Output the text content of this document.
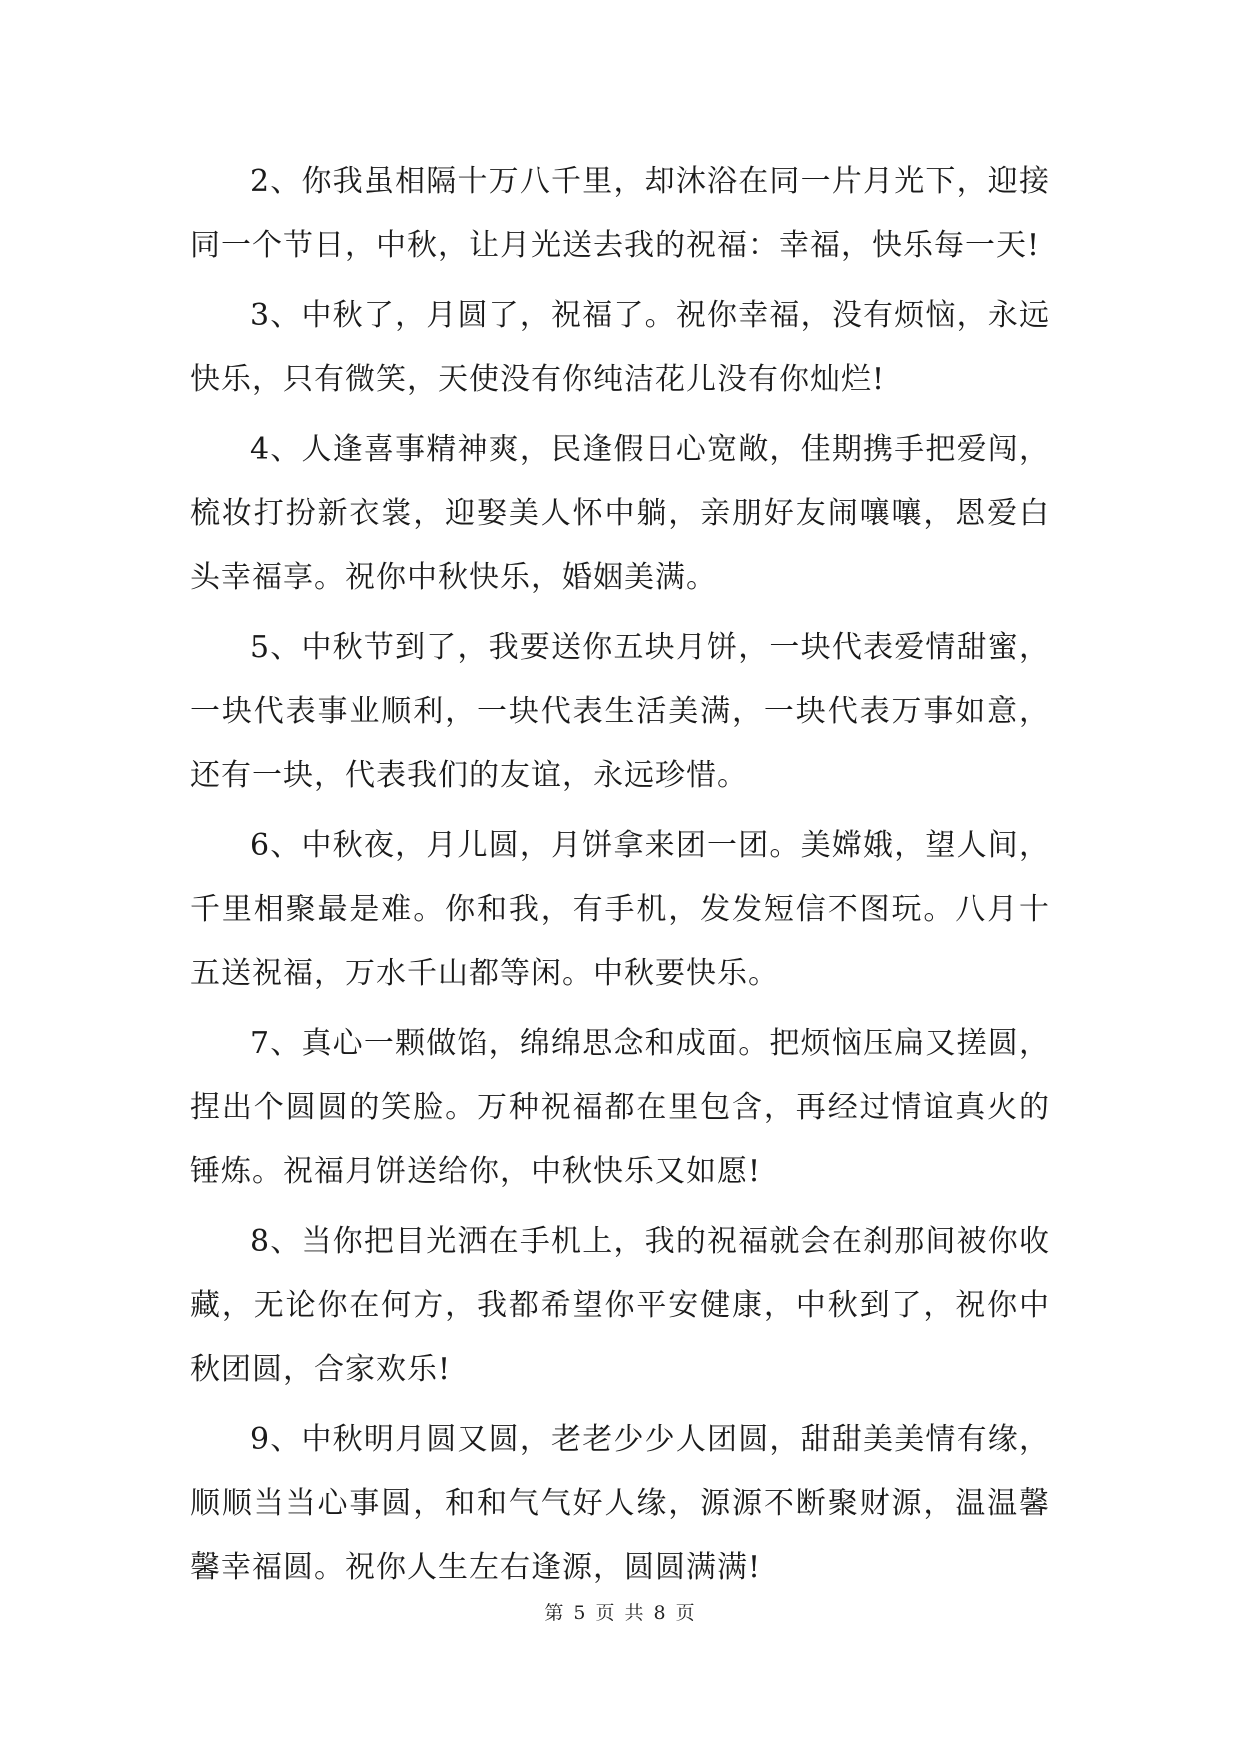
2、你我虽相隔十万八千里，却沐浴在同一片月光下，迎接同一个节日，中秋，让月光送去我的祝福：幸福，快乐每一天!

3、中秋了，月圆了，祝福了。祝你幸福，没有烦恼，永远快乐，只有微笑，天使没有你纯洁花儿没有你灿烂!

4、人逢喜事精神爽，民逢假日心宽敞，佳期携手把爱闯，梳妆打扮新衣裳，迎娶美人怀中躺，亲朋好友闹嚷嚷，恩爱白头幸福享。祝你中秋快乐，婚姻美满。

5、中秋节到了，我要送你五块月饼，一块代表爱情甜蜜，一块代表事业顺利，一块代表生活美满，一块代表万事如意，还有一块，代表我们的友谊，永远珍惜。

6、中秋夜，月儿圆，月饼拿来团一团。美嫦娥，望人间，千里相聚最是难。你和我，有手机，发发短信不图玩。八月十五送祝福，万水千山都等闲。中秋要快乐。

7、真心一颗做馅，绵绵思念和成面。把烦恼压扁又搓圆，捏出个圆圆的笑脸。万种祝福都在里包含，再经过情谊真火的锤炼。祝福月饼送给你，中秋快乐又如愿!

8、当你把目光洒在手机上，我的祝福就会在刹那间被你收藏，无论你在何方，我都希望你平安健康，中秋到了，祝你中秋团圆，合家欢乐!

9、中秋明月圆又圆，老老少少人团圆，甜甜美美情有缘，顺顺当当心事圆，和和气气好人缘，源源不断聚财源，温温馨馨幸福圆。祝你人生左右逢源，圆圆满满!

第 5 页 共 8 页
